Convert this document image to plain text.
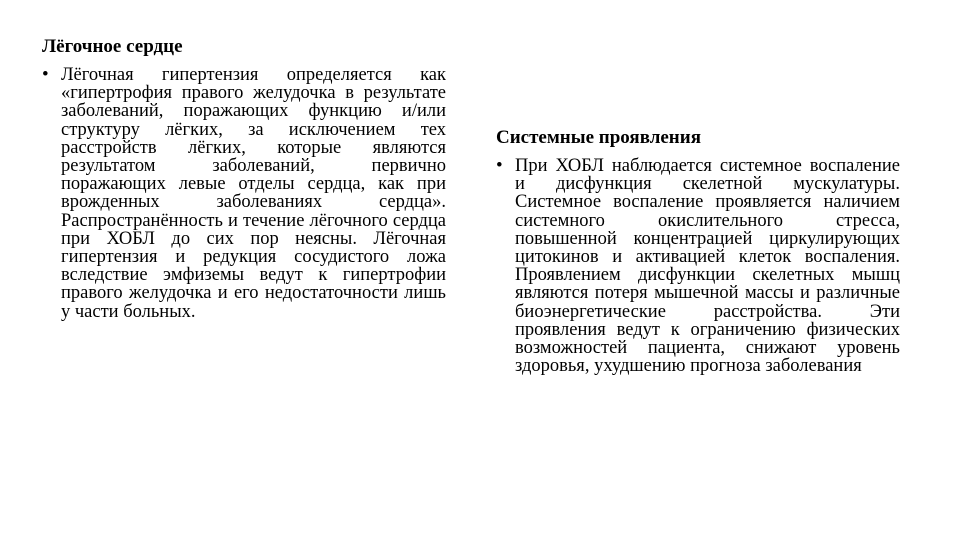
Лёгочное сердце
• Лёгочная гипертензия определяется как «гипертрофия правого желудочка в результате заболеваний, поражающих функцию и/или структуру лёгких, за исключением тех расстройств лёгких, которые являются результатом заболеваний, первично поражающих левые отделы сердца, как при врожденных заболеваниях сердца». Распространённость и течение лёгочного сердца при ХОБЛ до сих пор неясны. Лёгочная гипертензия и редукция сосудистого ложа вследствие эмфиземы ведут к гипертрофии правого желудочка и его недостаточности лишь у части больных.

Системные проявления
• При ХОБЛ наблюдается системное воспаление и дисфункция скелетной мускулатуры. Системное воспаление проявляется наличием системного окислительного стресса, повышенной концентрацией циркулирующих цитокинов и активацией клеток воспаления. Проявлением дисфункции скелетных мышц являются потеря мышечной массы и различные биоэнергетические расстройства. Эти проявления ведут к ограничению физических возможностей пациента, снижают уровень здоровья, ухудшению прогноза заболевания
